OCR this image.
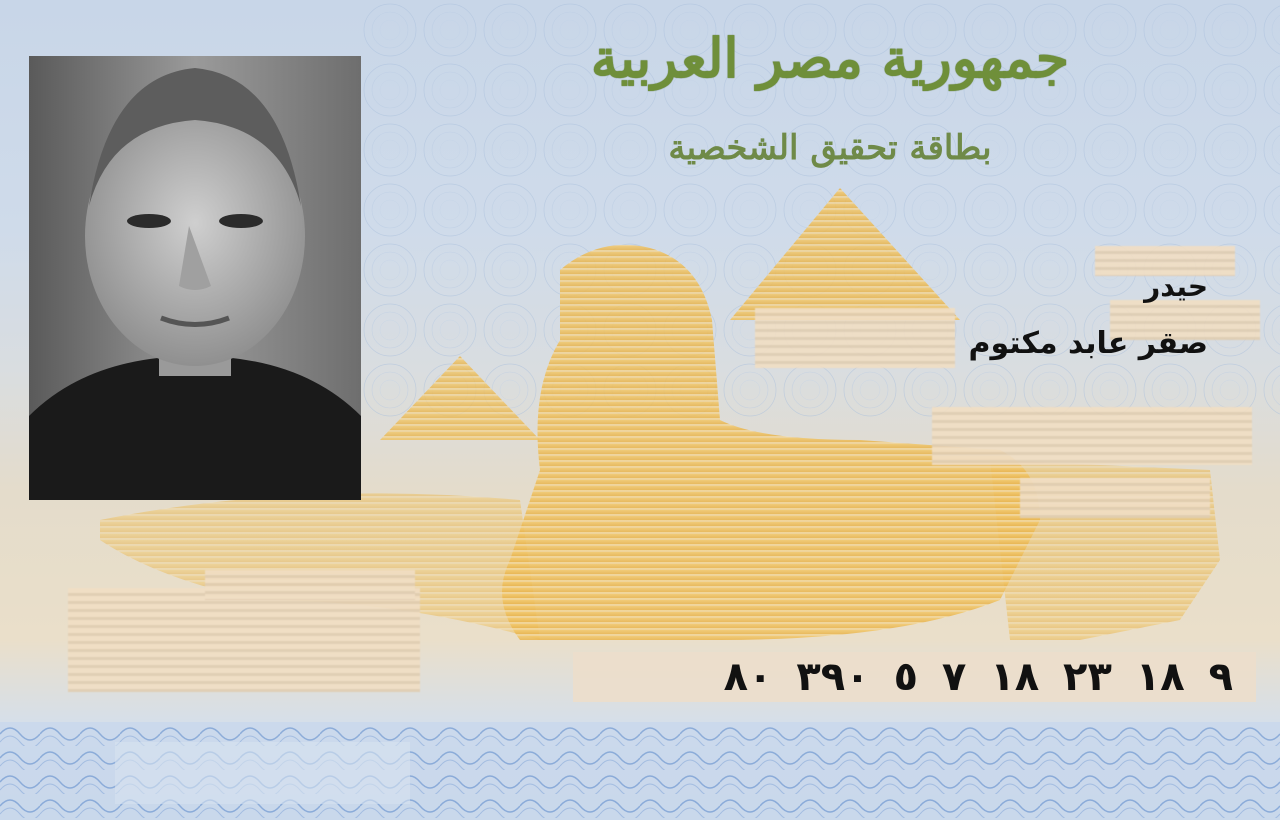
جمهورية مصر العربية
بطاقة تحقيق الشخصية
حيدر
صقر عابد مكتوم
٩ ١٨ ٢٣ ١٨ ٧ ٥ ٣٩٠ ٨٠
